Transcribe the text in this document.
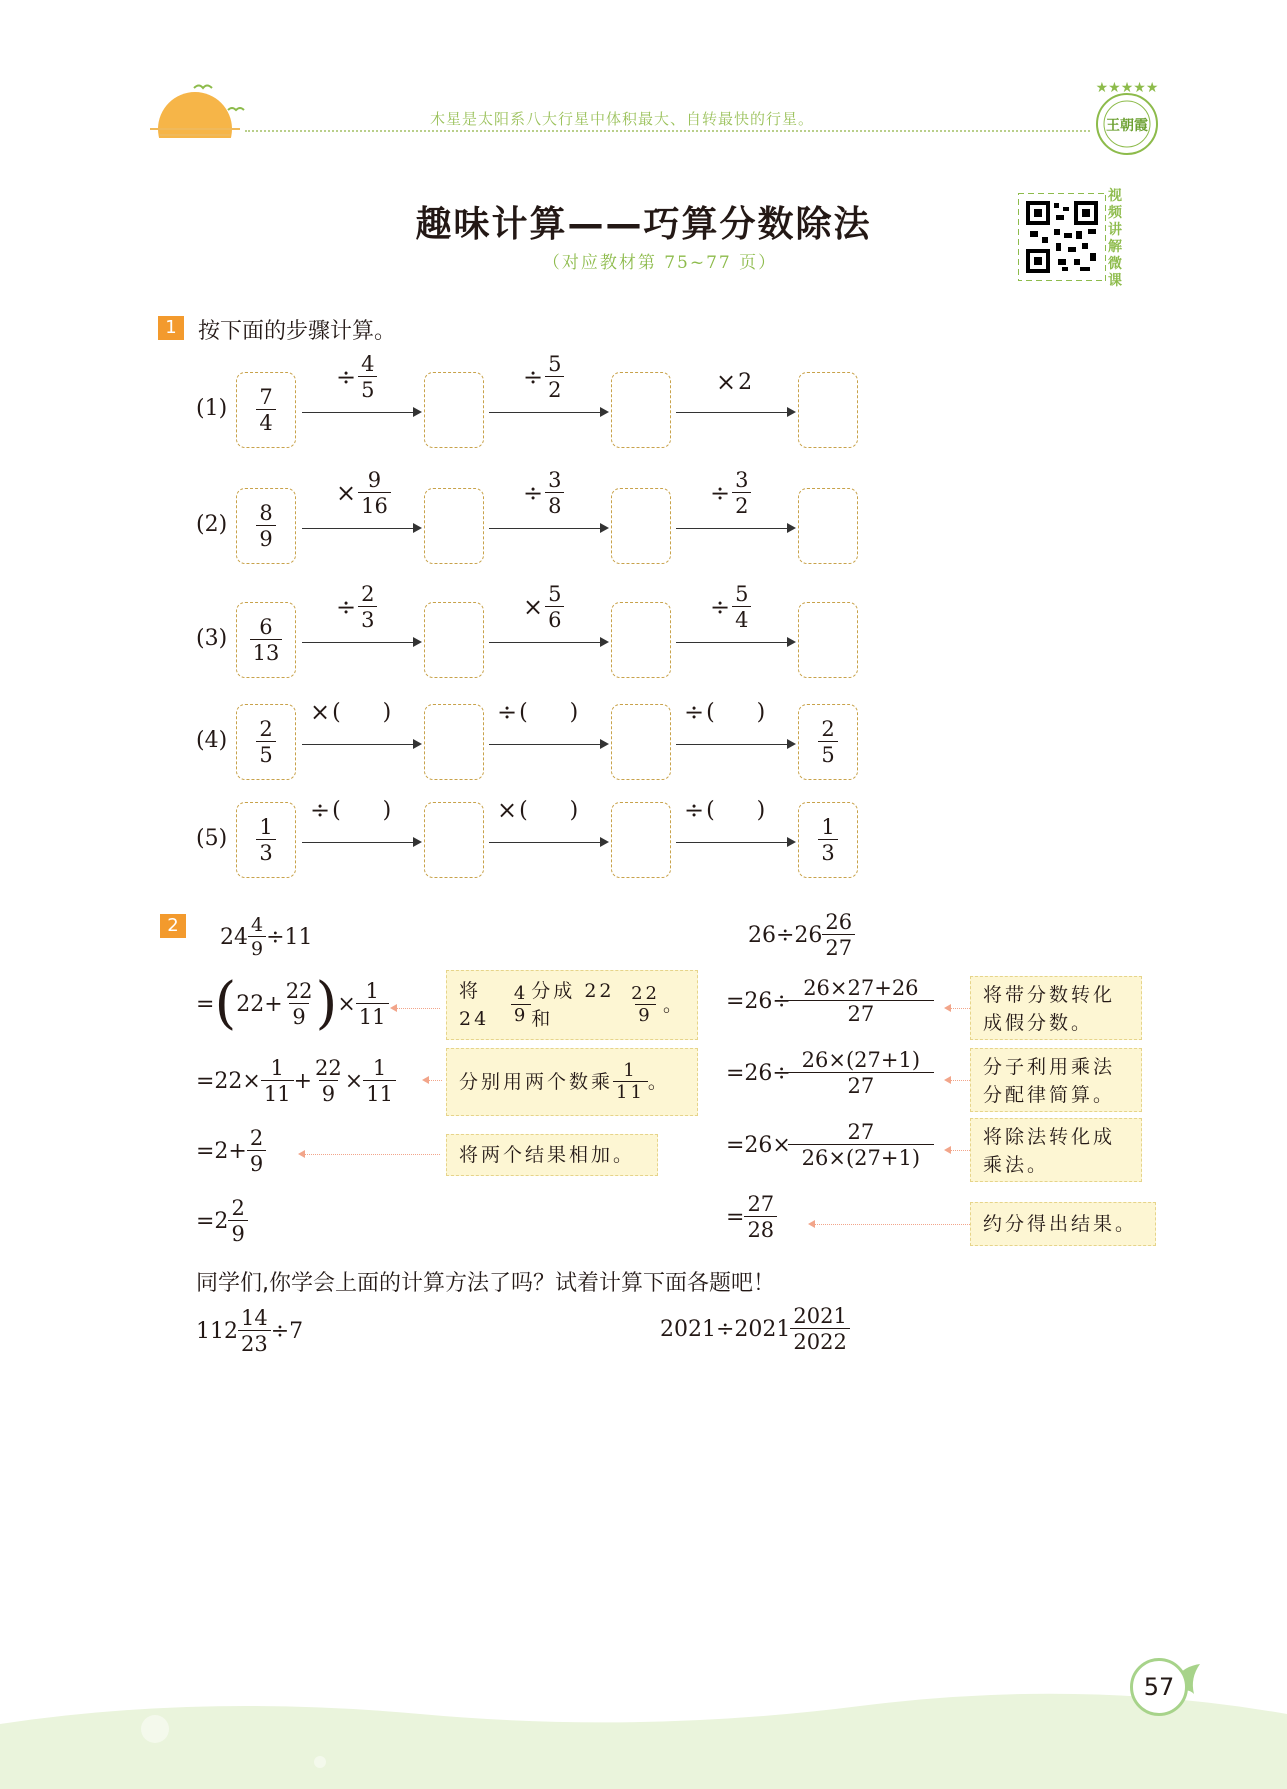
木星是太阳系八大行星中体积最大、自转最快的行星。
★★★★★
王朝霞
趣味计算——巧算分数除法
（对应教材第 75~77 页）
视
频
讲
解
微
课
1 按下面的步骤计算。
$(1) \frac{7}{4}$
÷ $\frac{4}{5}$	÷ $\frac{5}{2}$	× 2
$(2) \frac{8}{9}$
× $\frac{9}{16}$	÷ $\frac{3}{8}$	÷ $\frac{3}{2}$
$(3) \frac{6}{13}$
÷ $\frac{2}{3}$	× $\frac{5}{6}$	÷ $\frac{5}{4}$
$(4) \frac{2}{5}$	$\frac{2}{5}$
× (      )	÷ (      )	÷ (      )
$(5) \frac{1}{3}$	$\frac{1}{3}$
÷ (      )	× (      )	÷ (      )
2	$24 \frac{4}{9} \div 11$
= ( $22+ \frac{22}{9}$ ) × $\frac{1}{11}$
$=22\times \frac{1}{11} + \frac{22}{9} \times \frac{1}{11}$
$=2+ \frac{2}{9}$
$=2 \frac{2}{9}$
将 24	$\frac{4}{9}$ 分成 22 和	$\frac{22}{9}$ 。
分别用两个数乘 $\frac{1}{11}$ 。
将两个结果相加。
$26\div 26 \frac{26}{27}$
$=26\div \frac{26\times 27+26}{27}$
$=26\div \frac{26\times(27+1)}{27}$
$=26\times \frac{27}{26\times(27+1)}$
= $\frac{27}{28}$
将带分数转化
成假分数。
分子利用乘法
分配律简算。
将除法转化成
乘法。
约分得出结果。
同学们,你学会上面的计算方法了吗？试着计算下面各题吧！
$112 \frac{14}{23} \div 7$	$2021\div 2021 \frac{2021}{2022}$
57
